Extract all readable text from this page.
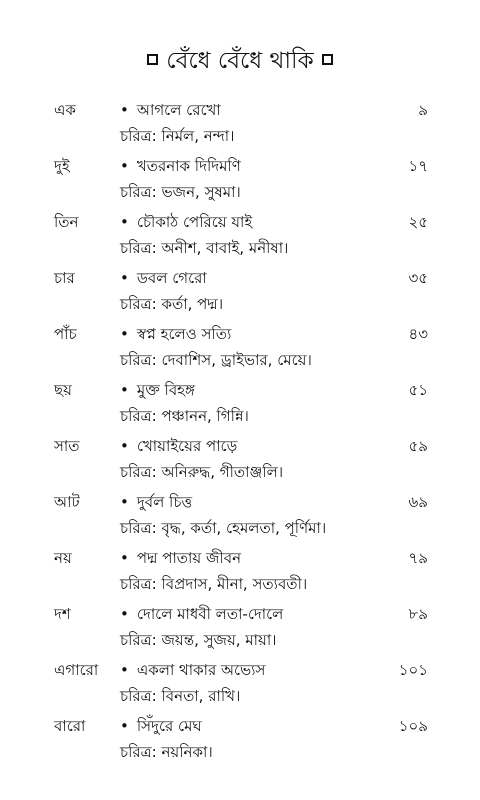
বেঁধে বেঁধে থাকি
এক	• আগলে রেখো	৯
চরিত্র: নির্মল, নন্দা।
দুই	• খতরনাক দিদিমণি	১৭
চরিত্র: ভজন, সুষমা।
তিন	• চৌকাঠ পেরিয়ে যাই	২৫
চরিত্র: অনীশ, বাবাই, মনীষা।
চার	• ডবল গেরো	৩৫
চরিত্র: কর্তা, পদ্ম।
পাঁচ	• স্বপ্ন হলেও সত্যি	৪৩
চরিত্র: দেবাশিস, ড্রাইভার, মেয়ে।
ছয়	• মুক্ত বিহঙ্গ	৫১
চরিত্র: পঞ্চানন, গিন্নি।
সাত	• খোয়াইয়ের পাড়ে	৫৯
চরিত্র: অনিরুদ্ধ, গীতাঞ্জলি।
আট	• দুর্বল চিত্ত	৬৯
চরিত্র: বৃদ্ধ, কর্তা, হেমলতা, পূর্ণিমা।
নয়	• পদ্ম পাতায় জীবন	৭৯
চরিত্র: বিপ্রদাস, মীনা, সত্যবতী।
দশ	• দোলে মাধবী লতা-দোলে	৮৯
চরিত্র: জয়ন্ত, সুজয়, মায়া।
এগারো • একলা থাকার অভ্যেস	১০১
চরিত্র: বিনতা, রাখি।
বারো • সিঁদুরে মেঘ	১০৯
চরিত্র: নয়নিকা।
